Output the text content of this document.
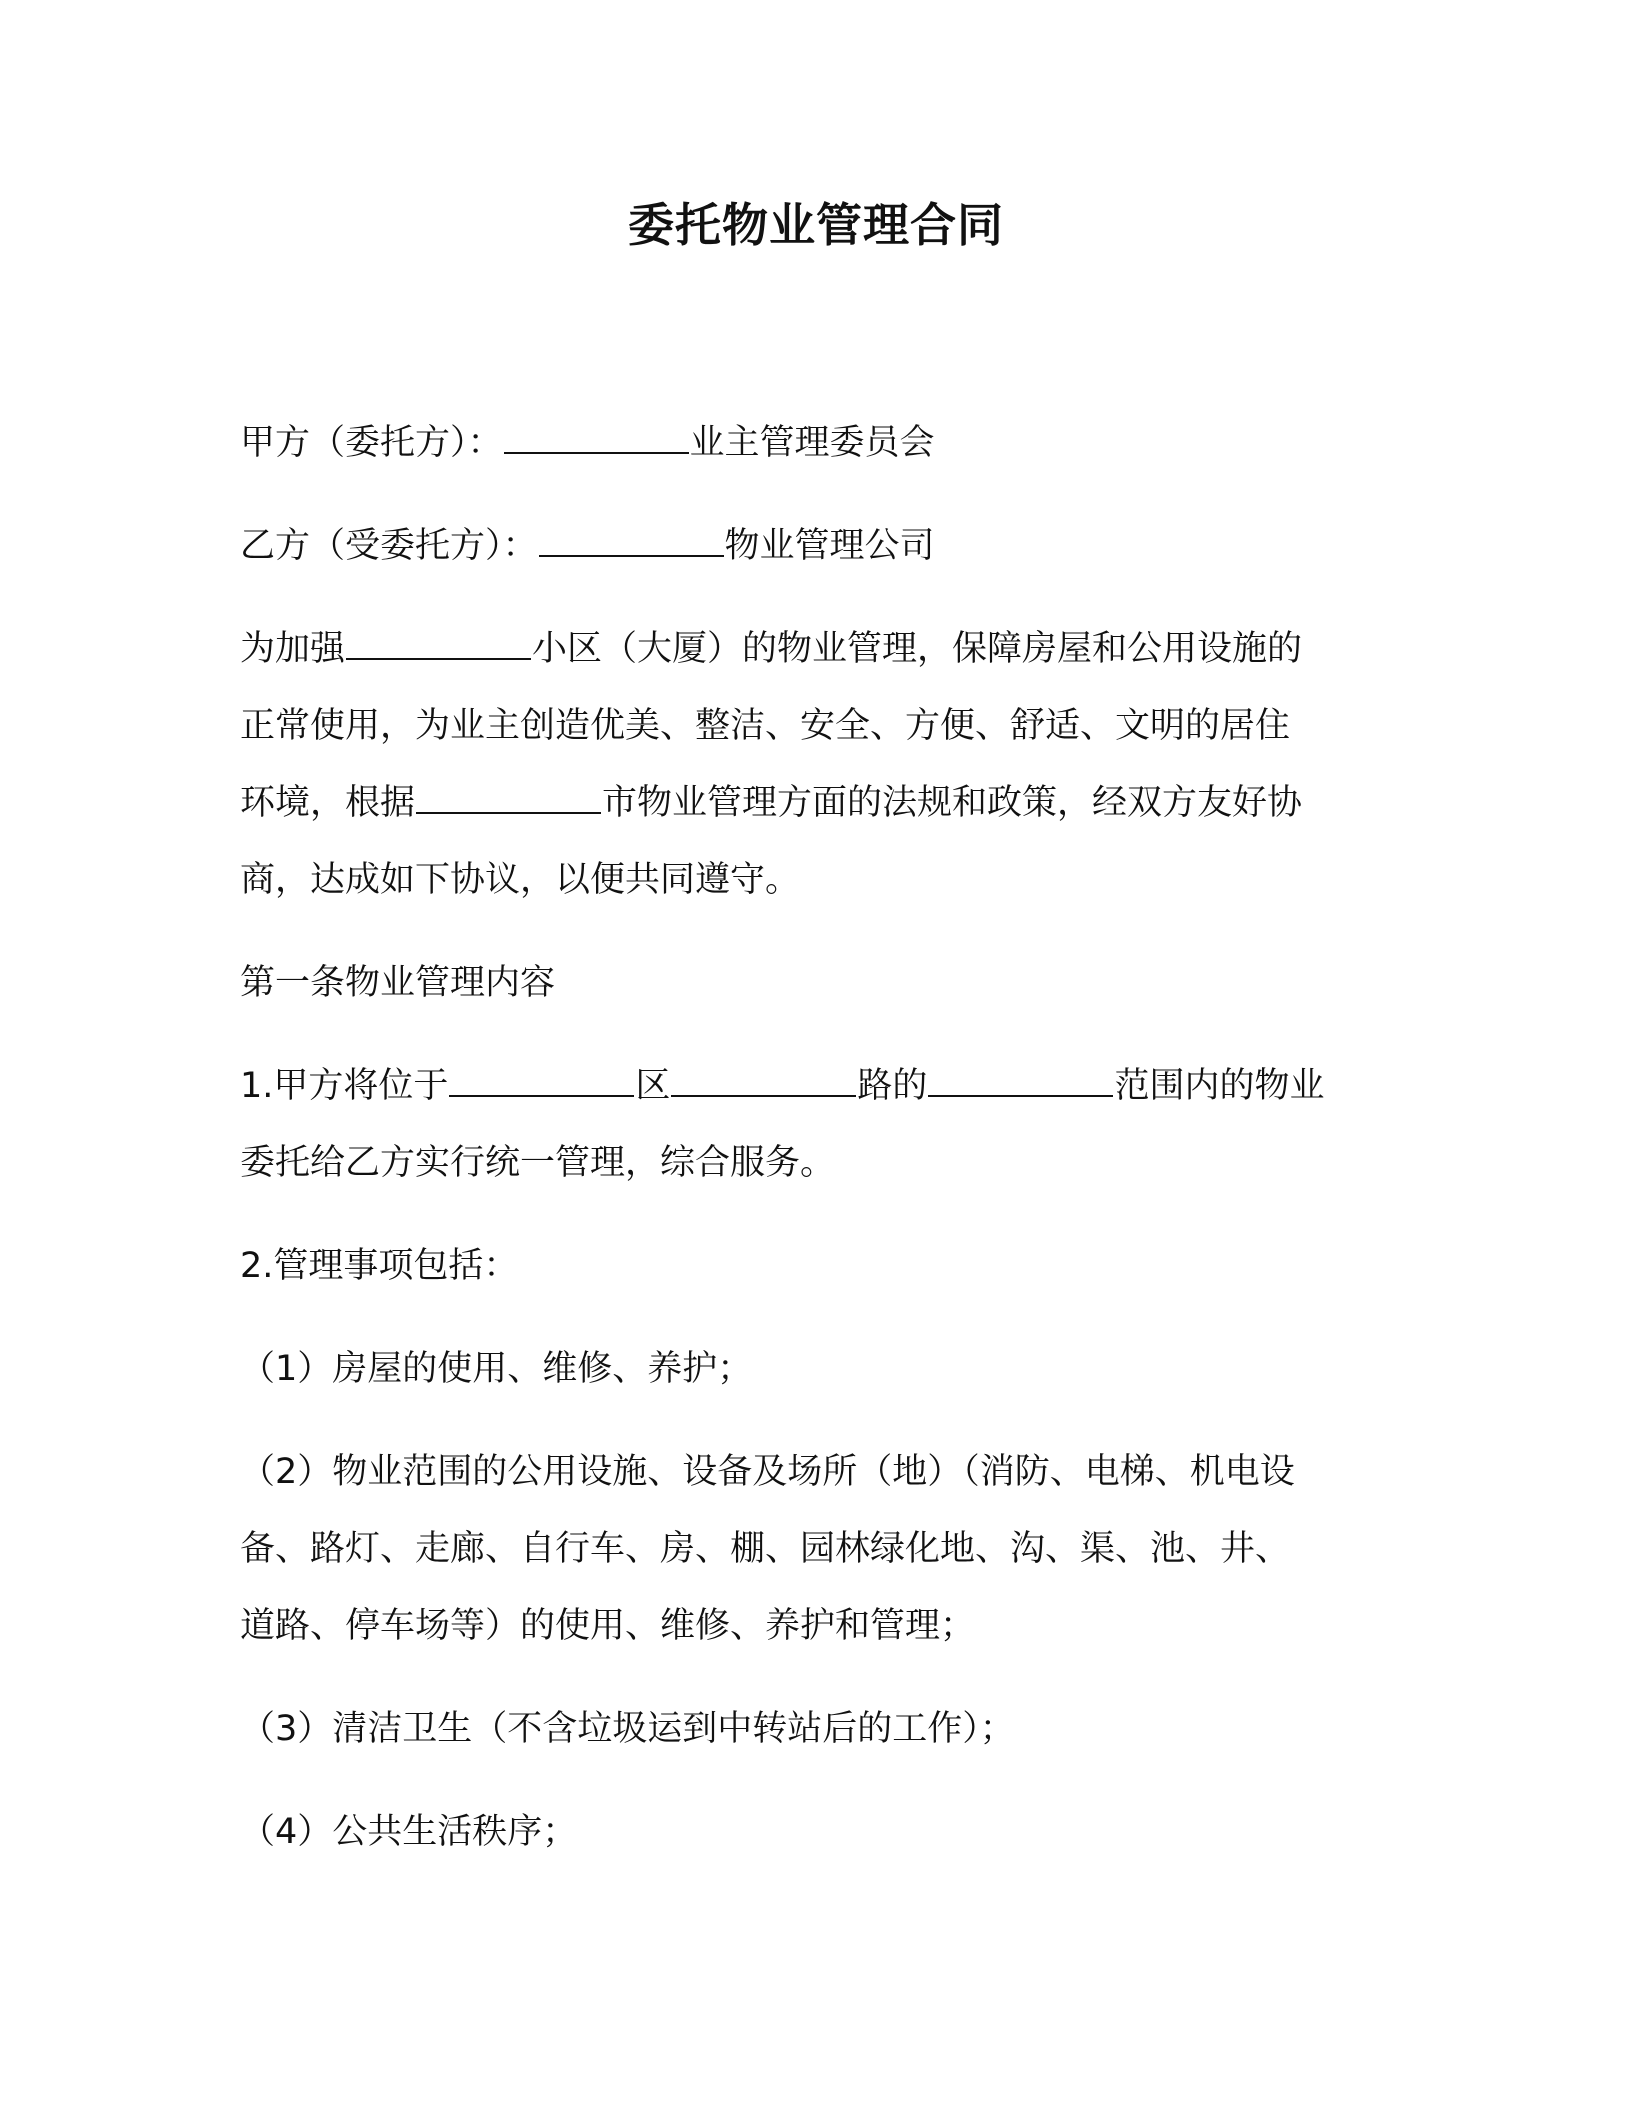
委托物业管理合同
甲方（委托方）：	业主管理委员会
乙方（受委托方）：	物业管理公司
为加强	小区（大厦）的物业管理，保障房屋和公用设施的
正常使用，为业主创造优美、整洁、安全、方便、舒适、文明的居住
环境，根据	市物业管理方面的法规和政策，经双方友好协
商，达成如下协议，以便共同遵守。
第一条物业管理内容
1.甲方将位于	区	路的	范围内的物业
委托给乙方实行统一管理，综合服务。
2.管理事项包括：
（1）房屋的使用、维修、养护；
（2）物业范围的公用设施、设备及场所（地）（消防、电梯、机电设
备、路灯、走廊、自行车、房、棚、园林绿化地、沟、渠、池、井、
道路、停车场等）的使用、维修、养护和管理；
（3）清洁卫生（不含垃圾运到中转站后的工作）；
（4）公共生活秩序；
